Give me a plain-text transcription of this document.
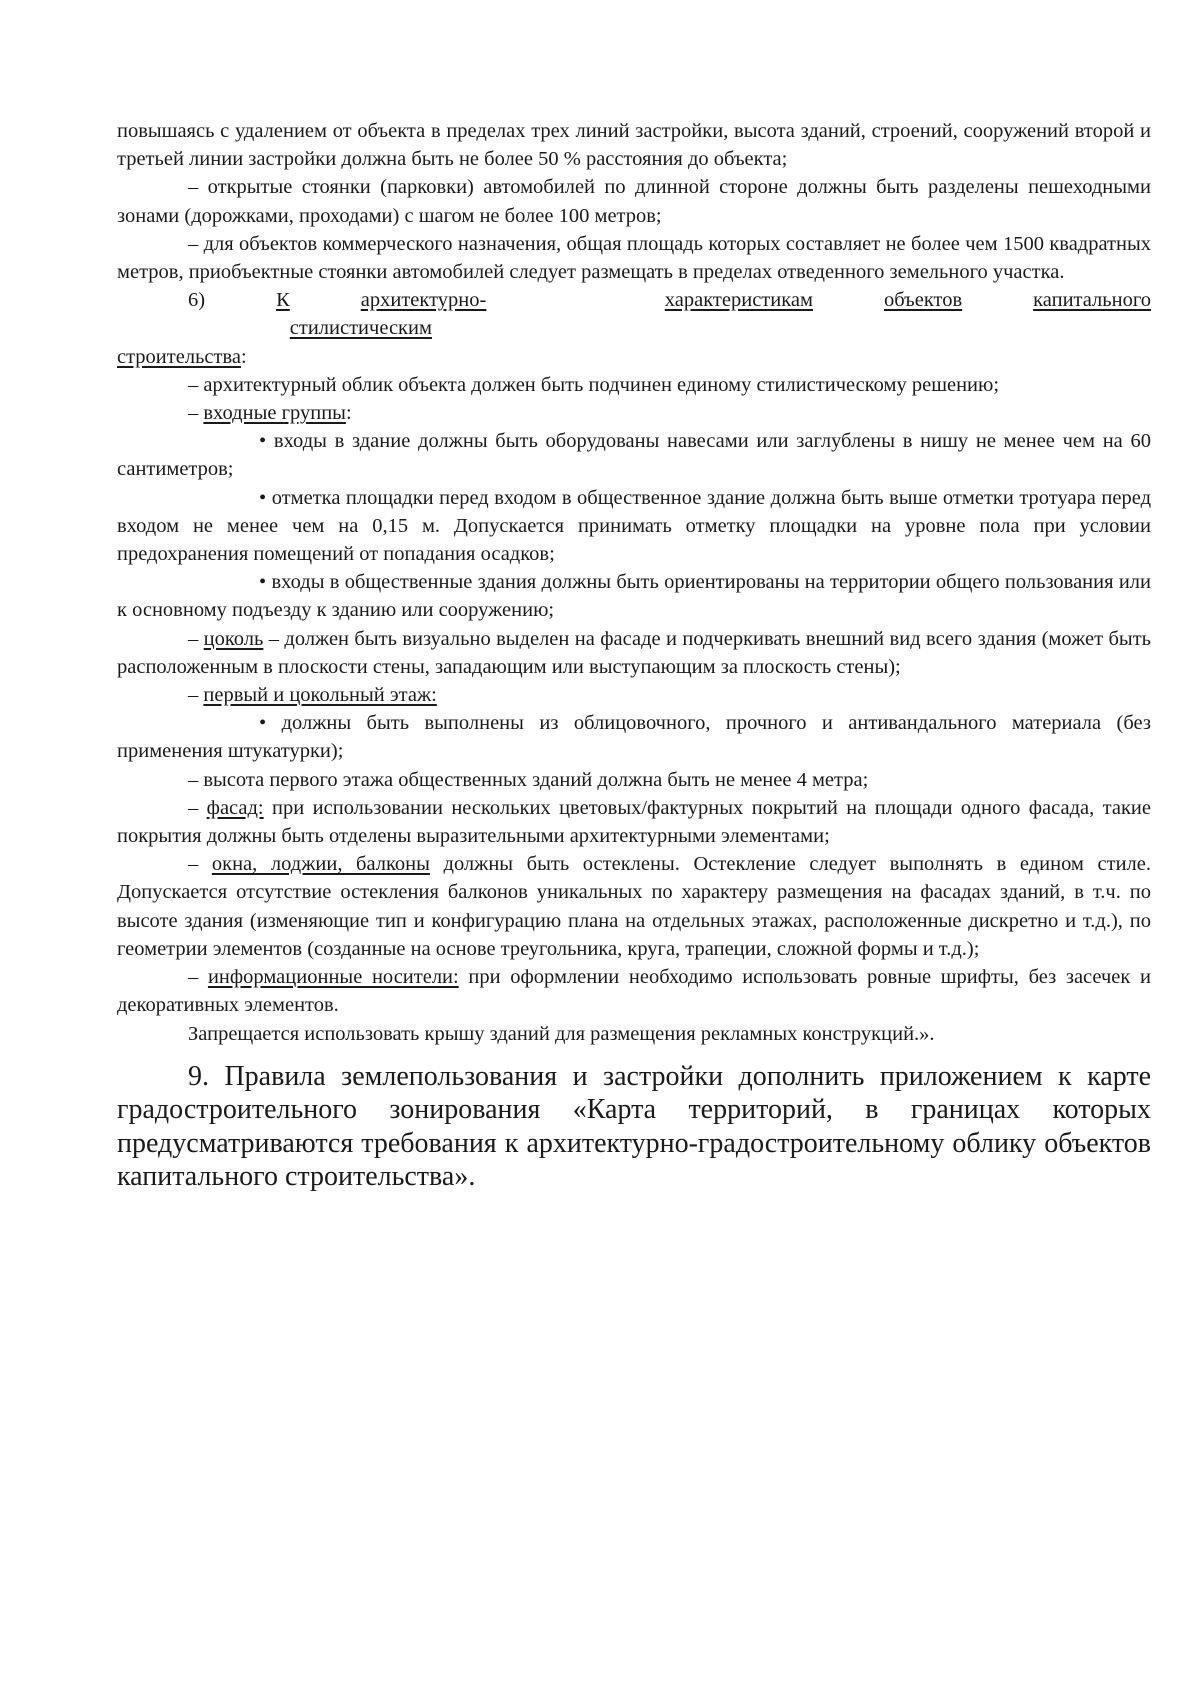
повышаясь с удалением от объекта в пределах трех линий застройки, высота зданий, строений, сооружений второй и третьей линии застройки должна быть не более 50 % расстояния до объекта;

– открытые стоянки (парковки) автомобилей по длинной стороне должны быть разделены пешеходными зонами (дорожками, проходами) с шагом не более 100 метров;

– для объектов коммерческого назначения, общая площадь которых составляет не более чем 1500 квадратных метров, приобъектные стоянки автомобилей следует размещать в пределах отведенного земельного участка.

6)	К	архитектурно-стилистическим
характеристикам	объектов	капитального

строительства:

– архитектурный облик объекта должен быть подчинен единому стилистическому решению;

– входные группы:

• входы в здание должны быть оборудованы навесами или заглублены в нишу не менее чем на 60 сантиметров;

• отметка площадки перед входом в общественное здание должна быть выше отметки тротуара перед входом не менее чем на 0,15 м. Допускается принимать отметку площадки на уровне пола при условии предохранения помещений от попадания осадков;

• входы в общественные здания должны быть ориентированы на территории общего пользования или к основному подъезду к зданию или сооружению;

– цоколь – должен быть визуально выделен на фасаде и подчеркивать внешний вид всего здания (может быть расположенным в плоскости стены, западающим или выступающим за плоскость стены);

– первый и цокольный этаж:

• должны быть выполнены из облицовочного, прочного и антивандального материала (без применения штукатурки);

– высота первого этажа общественных зданий должна быть не менее 4 метра;

– фасад: при использовании нескольких цветовых/фактурных покрытий на площади одного фасада, такие покрытия должны быть отделены выразительными архитектурными элементами;

– окна, лоджии, балконы должны быть остеклены. Остекление следует выполнять в едином стиле. Допускается отсутствие остекления балконов уникальных по характеру размещения на фасадах зданий, в т.ч. по высоте здания (изменяющие тип и конфигурацию плана на отдельных этажах, расположенные дискретно и т.д.), по геометрии элементов (созданные на основе треугольника, круга, трапеции, сложной формы и т.д.);

– информационные носители: при оформлении необходимо использовать ровные шрифты, без засечек и декоративных элементов.

Запрещается использовать крышу зданий для размещения рекламных конструкций.».

9. Правила землепользования и застройки дополнить приложением к карте градостроительного зонирования «Карта территорий, в границах которых предусматриваются требования к архитектурно-градостроительному облику объектов капитального строительства».
